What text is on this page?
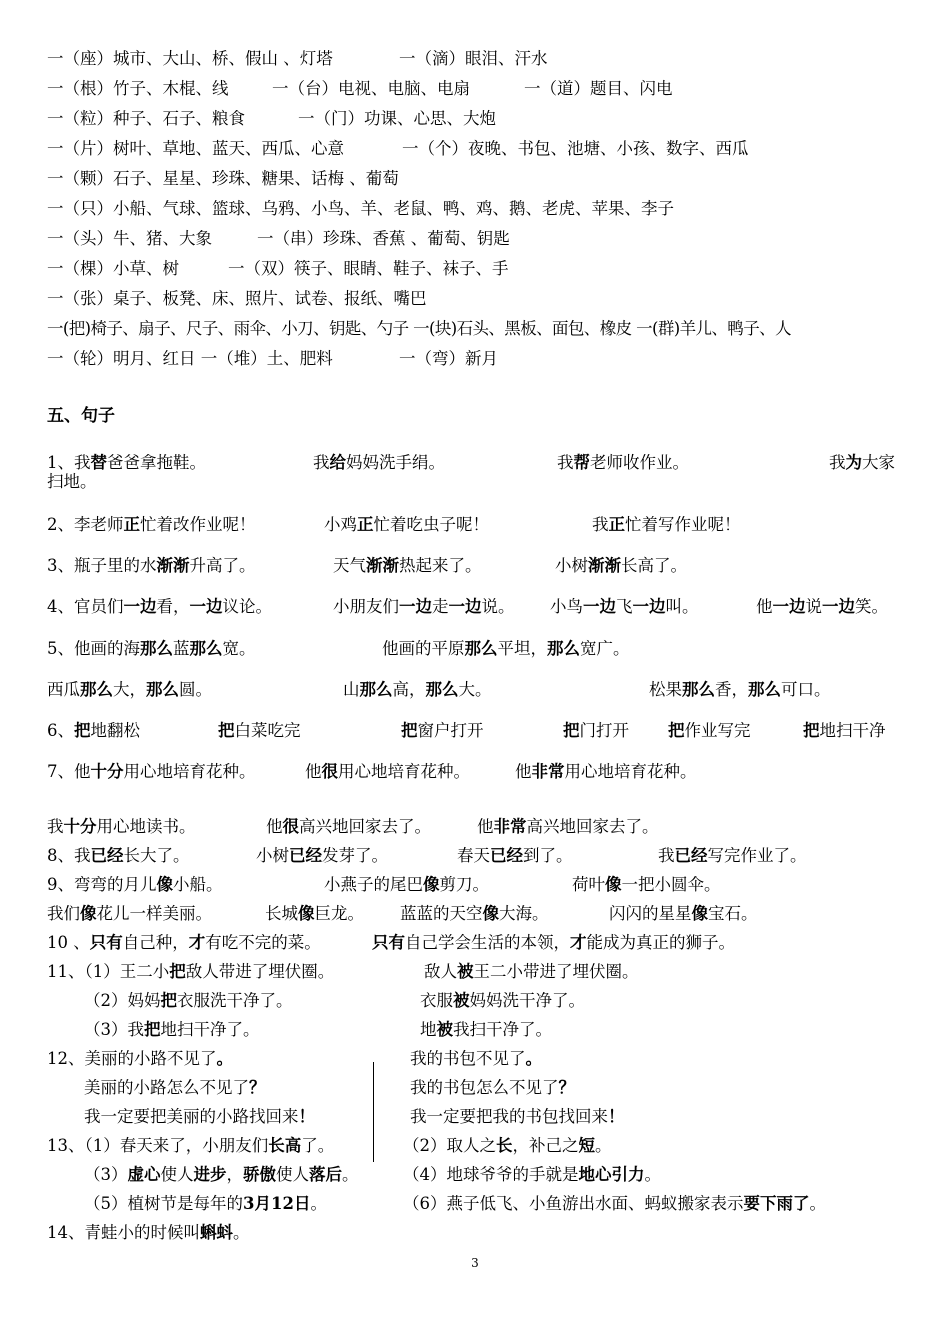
一（座）城市、大山、桥、假山 、灯塔	一（滴）眼泪、汗水
一（根）竹子、木棍、线	一（台）电视、电脑、电扇	一（道）题目、闪电
一（粒）种子、石子、粮食	一（门）功课、心思、大炮
一（片）树叶、草地、蓝天、西瓜、心意	一（个）夜晚、书包、池塘、小孩、数字、西瓜
一（颗）石子、星星、珍珠、糖果、话梅 、葡萄
一（只）小船、气球、篮球、乌鸦、小鸟、羊、老鼠、鸭、鸡、鹅、老虎、苹果、李子
一（头）牛、猪、大象	一（串）珍珠、香蕉 、葡萄、钥匙
一（棵）小草、树	一（双）筷子、眼睛、鞋子、袜子、手
一（张）桌子、板凳、床、照片、试卷、报纸、嘴巴
一(把)椅子、扇子、尺子、雨伞、小刀、钥匙、勺子 一(块)石头、黑板、面包、橡皮 一(群)羊儿、鸭子、人
一（轮）明月、红日 一（堆）土、肥料	一（弯）新月
五、句子
1、我替爸爸拿拖鞋。	我给妈妈洗手绢。	我帮老师收作业。	我为大家
扫地。
2、李老师正忙着改作业呢！	小鸡正忙着吃虫子呢！	我正忙着写作业呢！
3、瓶子里的水渐渐升高了。	天气渐渐热起来了。	小树渐渐长高了。
4、官员们一边看，一边议论。	小朋友们一边走一边说。 小鸟一边飞一边叫。	他一边说一边笑。
5、他画的海那么蓝那么宽。	他画的平原那么平坦，那么宽广。
西瓜那么大，那么圆。	山那么高，那么大。	松果那么香，那么可口。
6、把地翻松	把白菜吃完	把窗户打开	把门打开 把作业写完	把地扫干净
7、他十分用心地培育花种。	他很用心地培育花种。	他非常用心地培育花种。
我十分用心地读书。	他很高兴地回家去了。	他非常高兴地回家去了。
8、我已经长大了。	小树已经发芽了。	春天已经到了。	我已经写完作业了。
9、弯弯的月儿像小船。	小燕子的尾巴像剪刀。	荷叶像一把小圆伞。
我们像花儿一样美丽。	长城像巨龙。 蓝蓝的天空像大海。	闪闪的星星像宝石。
10 、只有自己种，才有吃不完的菜。	只有自己学会生活的本领，才能成为真正的狮子。
11、（1）王二小把敌人带进了埋伏圈。	敌人被王二小带进了埋伏圈。
（2）妈妈把衣服洗干净了。	衣服被妈妈洗干净了。
（3）我把地扫干净了。	地被我扫干净了。
12、美丽的小路不见了。	我的书包不见了。
美丽的小路怎么不见了？	我的书包怎么不见了？
我一定要把美丽的小路找回来！	我一定要把我的书包找回来！
13、（1）春天来了，小朋友们长高了。	（2）取人之长，补己之短。
（3）虚心使人进步，骄傲使人落后。	（4）地球爷爷的手就是地心引力。
（5）植树节是每年的3月12日。	（6）燕子低飞、小鱼游出水面、蚂蚁搬家表示要下雨了。
14、青蛙小的时候叫蝌蚪。
3
